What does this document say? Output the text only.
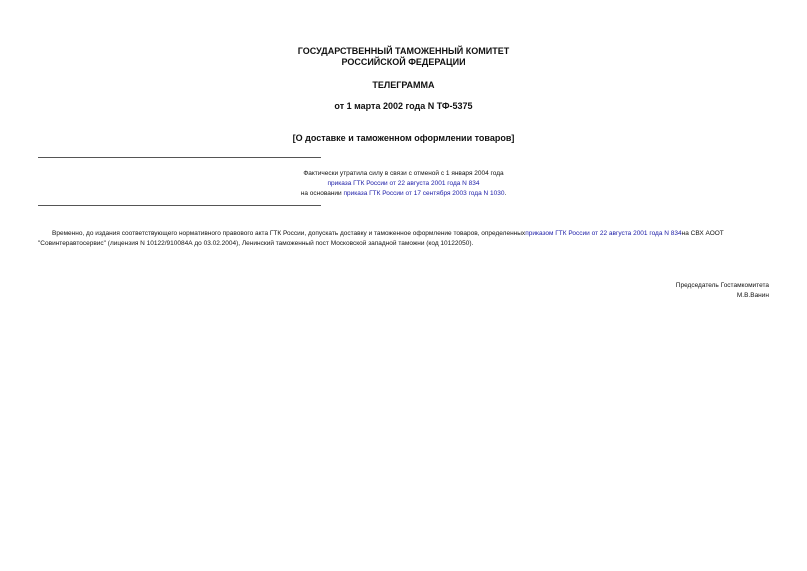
ГОСУДАРСТВЕННЫЙ ТАМОЖЕННЫЙ КОМИТЕТ
РОССИЙСКОЙ ФЕДЕРАЦИИ
ТЕЛЕГРАММА
от 1 марта 2002 года N ТФ-5375
[О доставке и таможенном оформлении товаров]
Фактически утратила силу в связи с отменой с 1 января 2004 года
приказа ГТК России от 22 августа 2001 года N 834
на основании приказа ГТК России от 17 сентября 2003 года N 1030.
Временно, до издания соответствующего нормативного правового акта ГТК России, допускать доставку и таможенное оформление товаров, определенныхприказом ГТК России от 22 августа 2001 года N 834на СВХ АООТ "Совинтеравтосервис" (лицензия N 10122/910084А до 03.02.2004), Ленинский таможенный пост Московской западной таможни (код 10122050).
Председатель Гостамкомитета
М.В.Ванин
